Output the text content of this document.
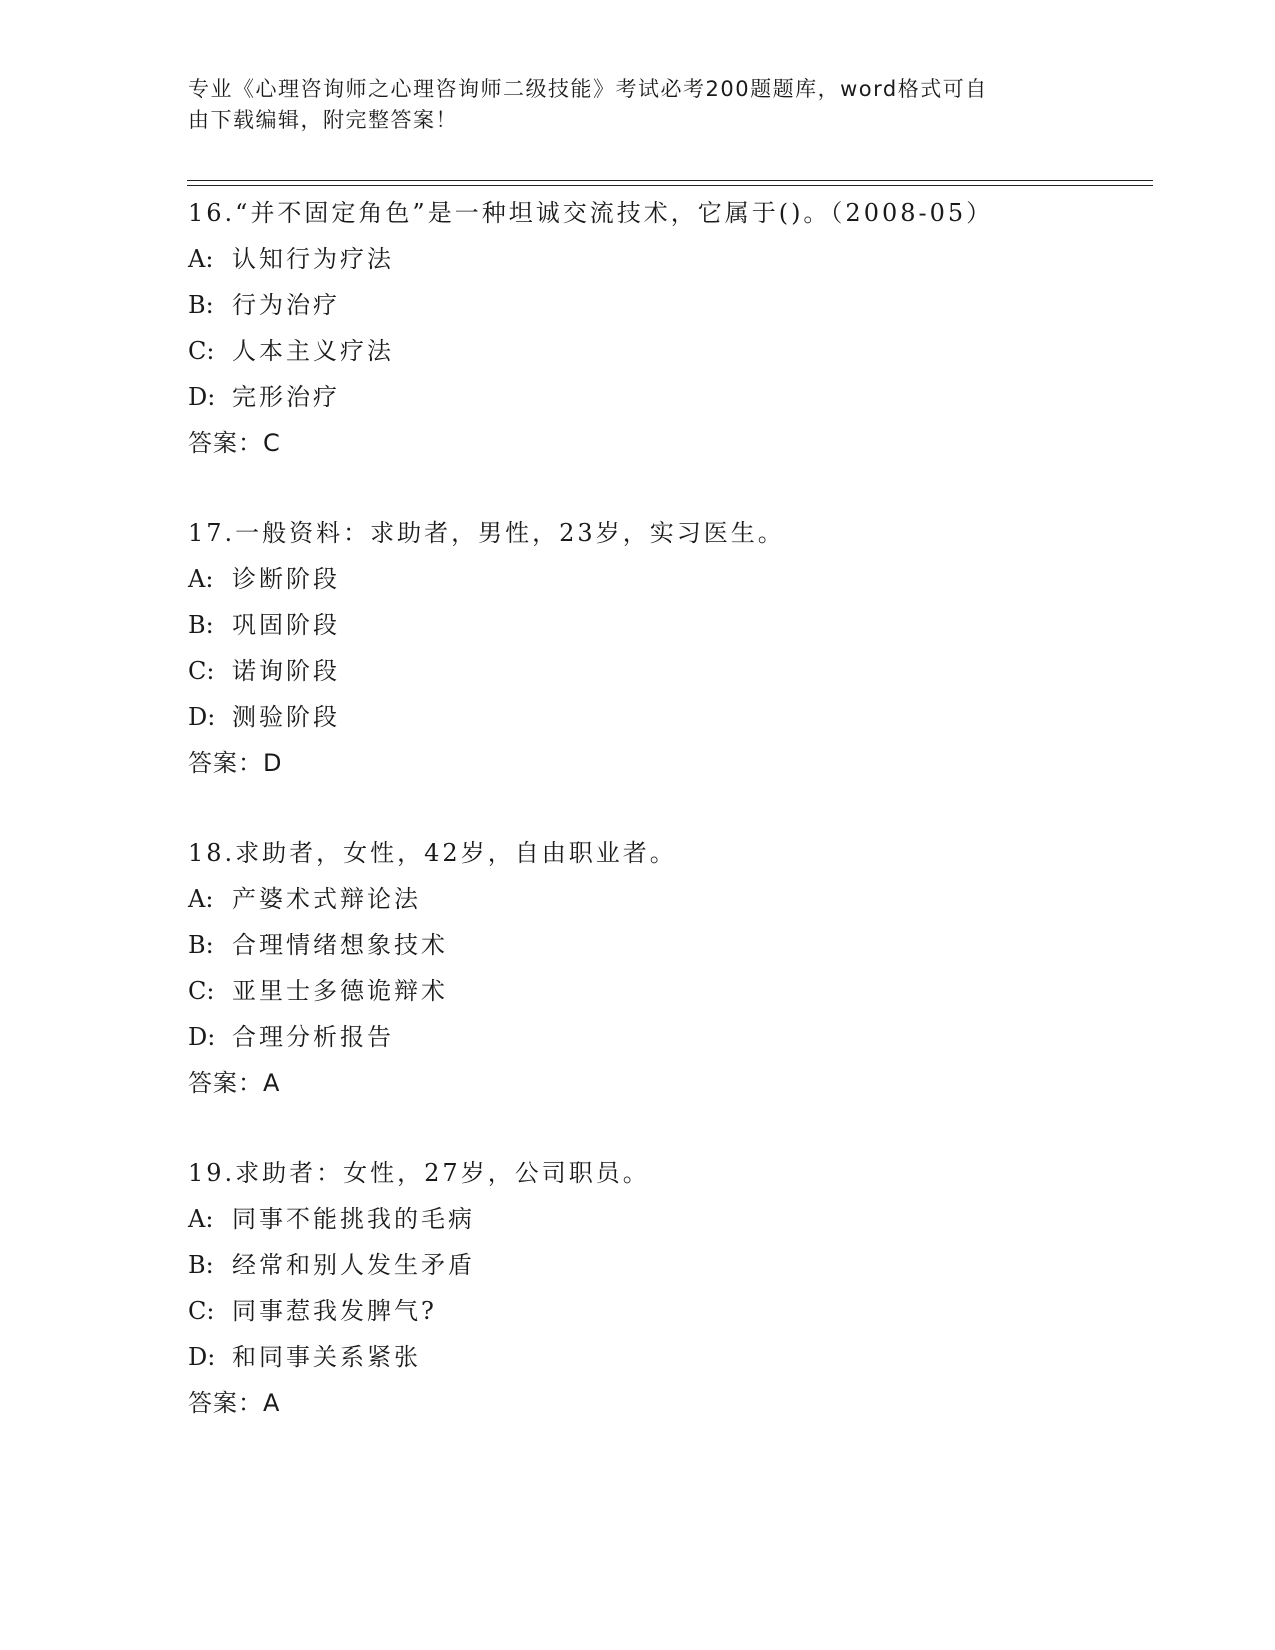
专业《心理咨询师之心理咨询师二级技能》考试必考200题题库，word格式可自
由下载编辑，附完整答案！
16.“并不固定角色”是一种坦诚交流技术，它属于()。（2008-05）
A: 认知行为疗法
B: 行为治疗
C: 人本主义疗法
D: 完形治疗
答案：C
17.一般资料：求助者，男性，23岁，实习医生。
A: 诊断阶段
B: 巩固阶段
C: 诺询阶段
D: 测验阶段
答案：D
18.求助者，女性，42岁，自由职业者。
A: 产婆术式辩论法
B: 合理情绪想象技术
C: 亚里士多德诡辩术
D: 合理分析报告
答案：A
19.求助者：女性，27岁，公司职员。
A: 同事不能挑我的毛病
B: 经常和别人发生矛盾
C: 同事惹我发脾气?
D: 和同事关系紧张
答案：A
